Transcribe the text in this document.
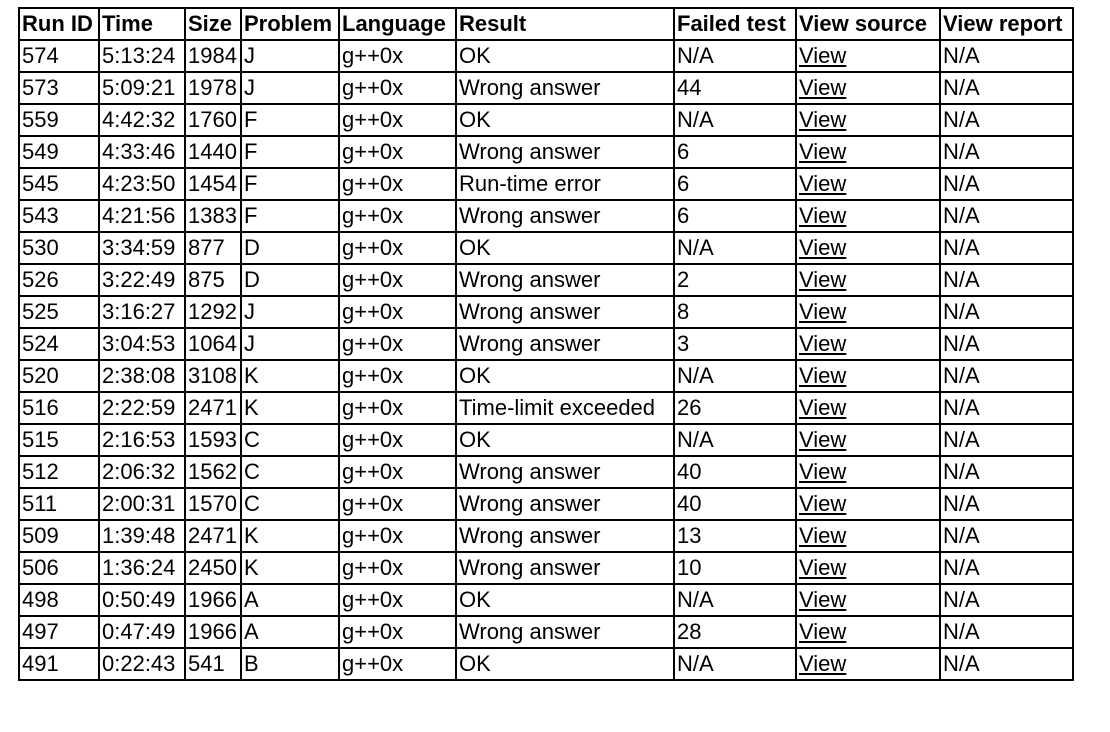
Run ID	Time	Size	Problem	Language	Result	Failed test	View source	View report
574	5:13:24	1984	J	g++0x	OK	N/A	View	N/A
573	5:09:21	1978	J	g++0x	Wrong answer	44	View	N/A
559	4:42:32	1760	F	g++0x	OK	N/A	View	N/A
549	4:33:46	1440	F	g++0x	Wrong answer	6	View	N/A
545	4:23:50	1454	F	g++0x	Run-time error	6	View	N/A
543	4:21:56	1383	F	g++0x	Wrong answer	6	View	N/A
530	3:34:59	877	D	g++0x	OK	N/A	View	N/A
526	3:22:49	875	D	g++0x	Wrong answer	2	View	N/A
525	3:16:27	1292	J	g++0x	Wrong answer	8	View	N/A
524	3:04:53	1064	J	g++0x	Wrong answer	3	View	N/A
520	2:38:08	3108	K	g++0x	OK	N/A	View	N/A
516	2:22:59	2471	K	g++0x	Time-limit exceeded	26	View	N/A
515	2:16:53	1593	C	g++0x	OK	N/A	View	N/A
512	2:06:32	1562	C	g++0x	Wrong answer	40	View	N/A
511	2:00:31	1570	C	g++0x	Wrong answer	40	View	N/A
509	1:39:48	2471	K	g++0x	Wrong answer	13	View	N/A
506	1:36:24	2450	K	g++0x	Wrong answer	10	View	N/A
498	0:50:49	1966	A	g++0x	OK	N/A	View	N/A
497	0:47:49	1966	A	g++0x	Wrong answer	28	View	N/A
491	0:22:43	541	B	g++0x	OK	N/A	View	N/A
